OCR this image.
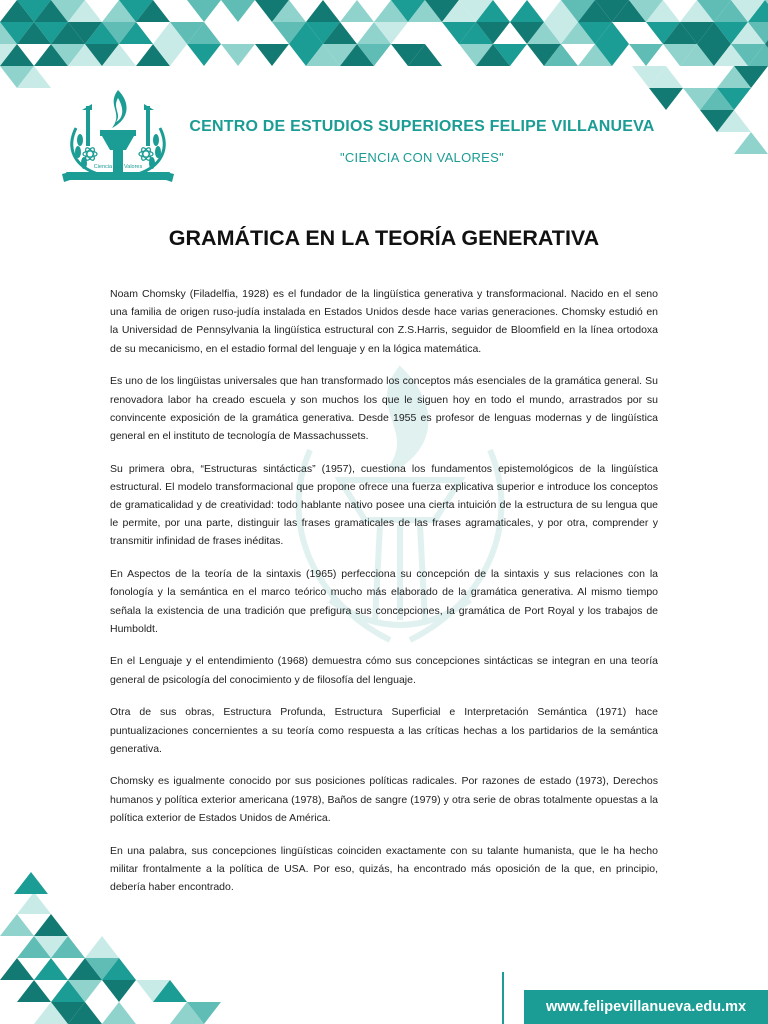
Ciencia con Valores
CENTRO DE ESTUDIOS SUPERIORES FELIPE VILLANUEVA
"CIENCIA CON VALORES"
GRAMÁTICA EN LA TEORÍA GENERATIVA

Noam Chomsky (Filadelfia, 1928) es el fundador de la lingüística generativa y transformacional. Nacido en el seno una familia de origen ruso-judía instalada en Estados Unidos desde hace varias generaciones. Chomsky estudió en la Universidad de Pennsylvania la lingüística estructural con Z.S.Harris, seguidor de Bloomfield en la línea ortodoxa de su mecanicismo, en el estadio formal del lenguaje y en la lógica matemática.

Es uno de los lingüistas universales que han transformado los conceptos más esenciales de la gramática general. Su renovadora labor ha creado escuela y son muchos los que le siguen hoy en todo el mundo, arrastrados por su convincente exposición de la gramática generativa. Desde 1955 es profesor de lenguas modernas y de lingüística general en el instituto de tecnología de Massachussets.

Su primera obra, “Estructuras sintácticas” (1957), cuestiona los fundamentos epistemológicos de la lingüística estructural. El modelo transformacional que propone ofrece una fuerza explicativa superior e introduce los conceptos de gramaticalidad y de creatividad: todo hablante nativo posee una cierta intuición de la estructura de su lengua que le permite, por una parte, distinguir las frases gramaticales de las frases agramaticales, y por otra, comprender y transmitir infinidad de frases inéditas.

En Aspectos de la teoría de la sintaxis (1965) perfecciona su concepción de la sintaxis y sus relaciones con la fonología y la semántica en el marco teórico mucho más elaborado de la gramática generativa. Al mismo tiempo señala la existencia de una tradición que prefigura sus concepciones, la gramática de Port Royal y los trabajos de Humboldt.

En el Lenguaje y el entendimiento (1968) demuestra cómo sus concepciones sintácticas se integran en una teoría general de psicología del conocimiento y de filosofía del lenguaje.

Otra de sus obras, Estructura Profunda, Estructura Superficial e Interpretación Semántica (1971) hace puntualizaciones concernientes a su teoría como respuesta a las críticas hechas a los partidarios de la semántica generativa.

Chomsky es igualmente conocido por sus posiciones políticas radicales. Por razones de estado (1973), Derechos humanos y política exterior americana (1978), Baños de sangre (1979) y otra serie de obras totalmente opuestas a la política exterior de Estados Unidos de América.

En una palabra, sus concepciones lingüísticas coinciden exactamente con su talante humanista, que le ha hecho militar frontalmente a la política de USA. Por eso, quizás, ha encontrado más oposición de la que, en principio, debería haber encontrado.

www.felipevillanueva.edu.mx
